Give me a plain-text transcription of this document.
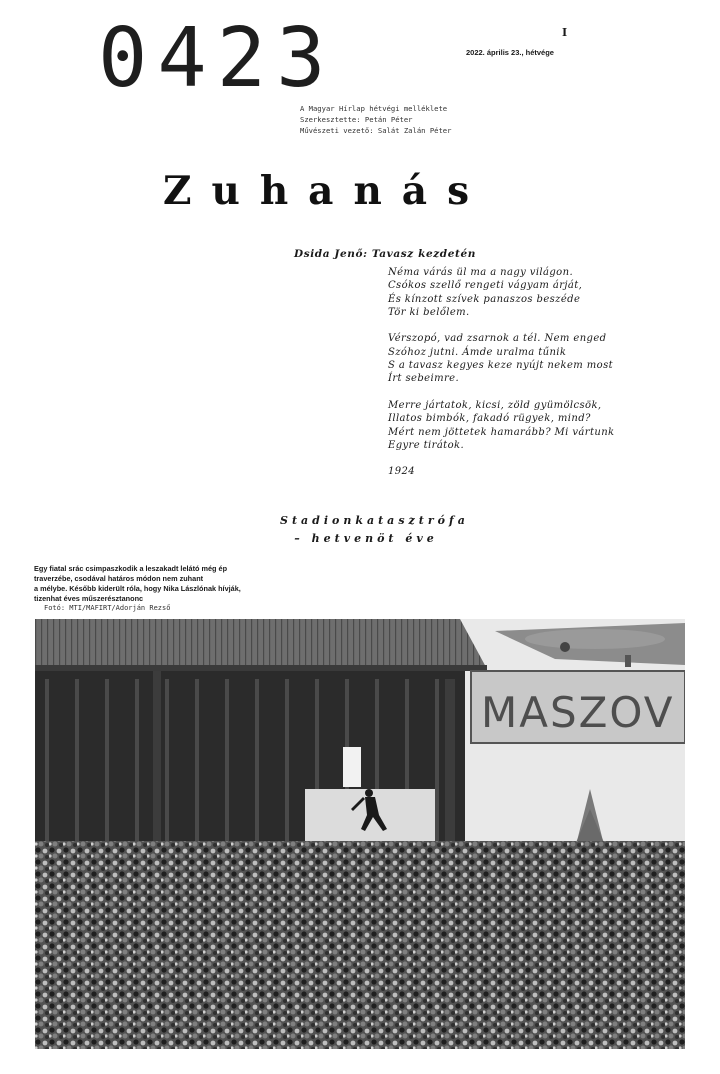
0423	I
2022. április 23., hétvége
A Magyar Hírlap hétvégi melléklete
Szerkesztette: Petán Péter
Művészeti vezető: Salát Zalán Péter
Zuhanás
Dsida Jenő: Tavasz kezdetén
Néma várás ül ma a nagy világon.
Csókos szellő rengeti vágyam árját,
És kínzott szívek panaszos beszéde
Tör ki belőlem.
Vérszopó, vad zsarnok a tél. Nem enged
Szóhoz jutni. Ámde uralma tűnik
S a tavasz kegyes keze nyújt nekem most
Írt sebeimre.
Merre jártatok, kicsi, zöld gyümölcsök,
Illatos bimbók, fakadó rügyek, mind?
Mért nem jöttetek hamarább? Mi vártunk
Egyre tirátok.
1924
Stadionkatasztrófa
– hetvenöt éve
Egy fiatal srác csimpaszkodik a leszakadt lelátó még ép
traverzébe, csodával határos módon nem zuhant
a mélybe. Később kiderült róla, hogy Nika Lászlónak hívják,
tizenhat éves műszerésztanonc
Fotó: MTI/MAFIRT/Adorján Rezső
MASZOV
